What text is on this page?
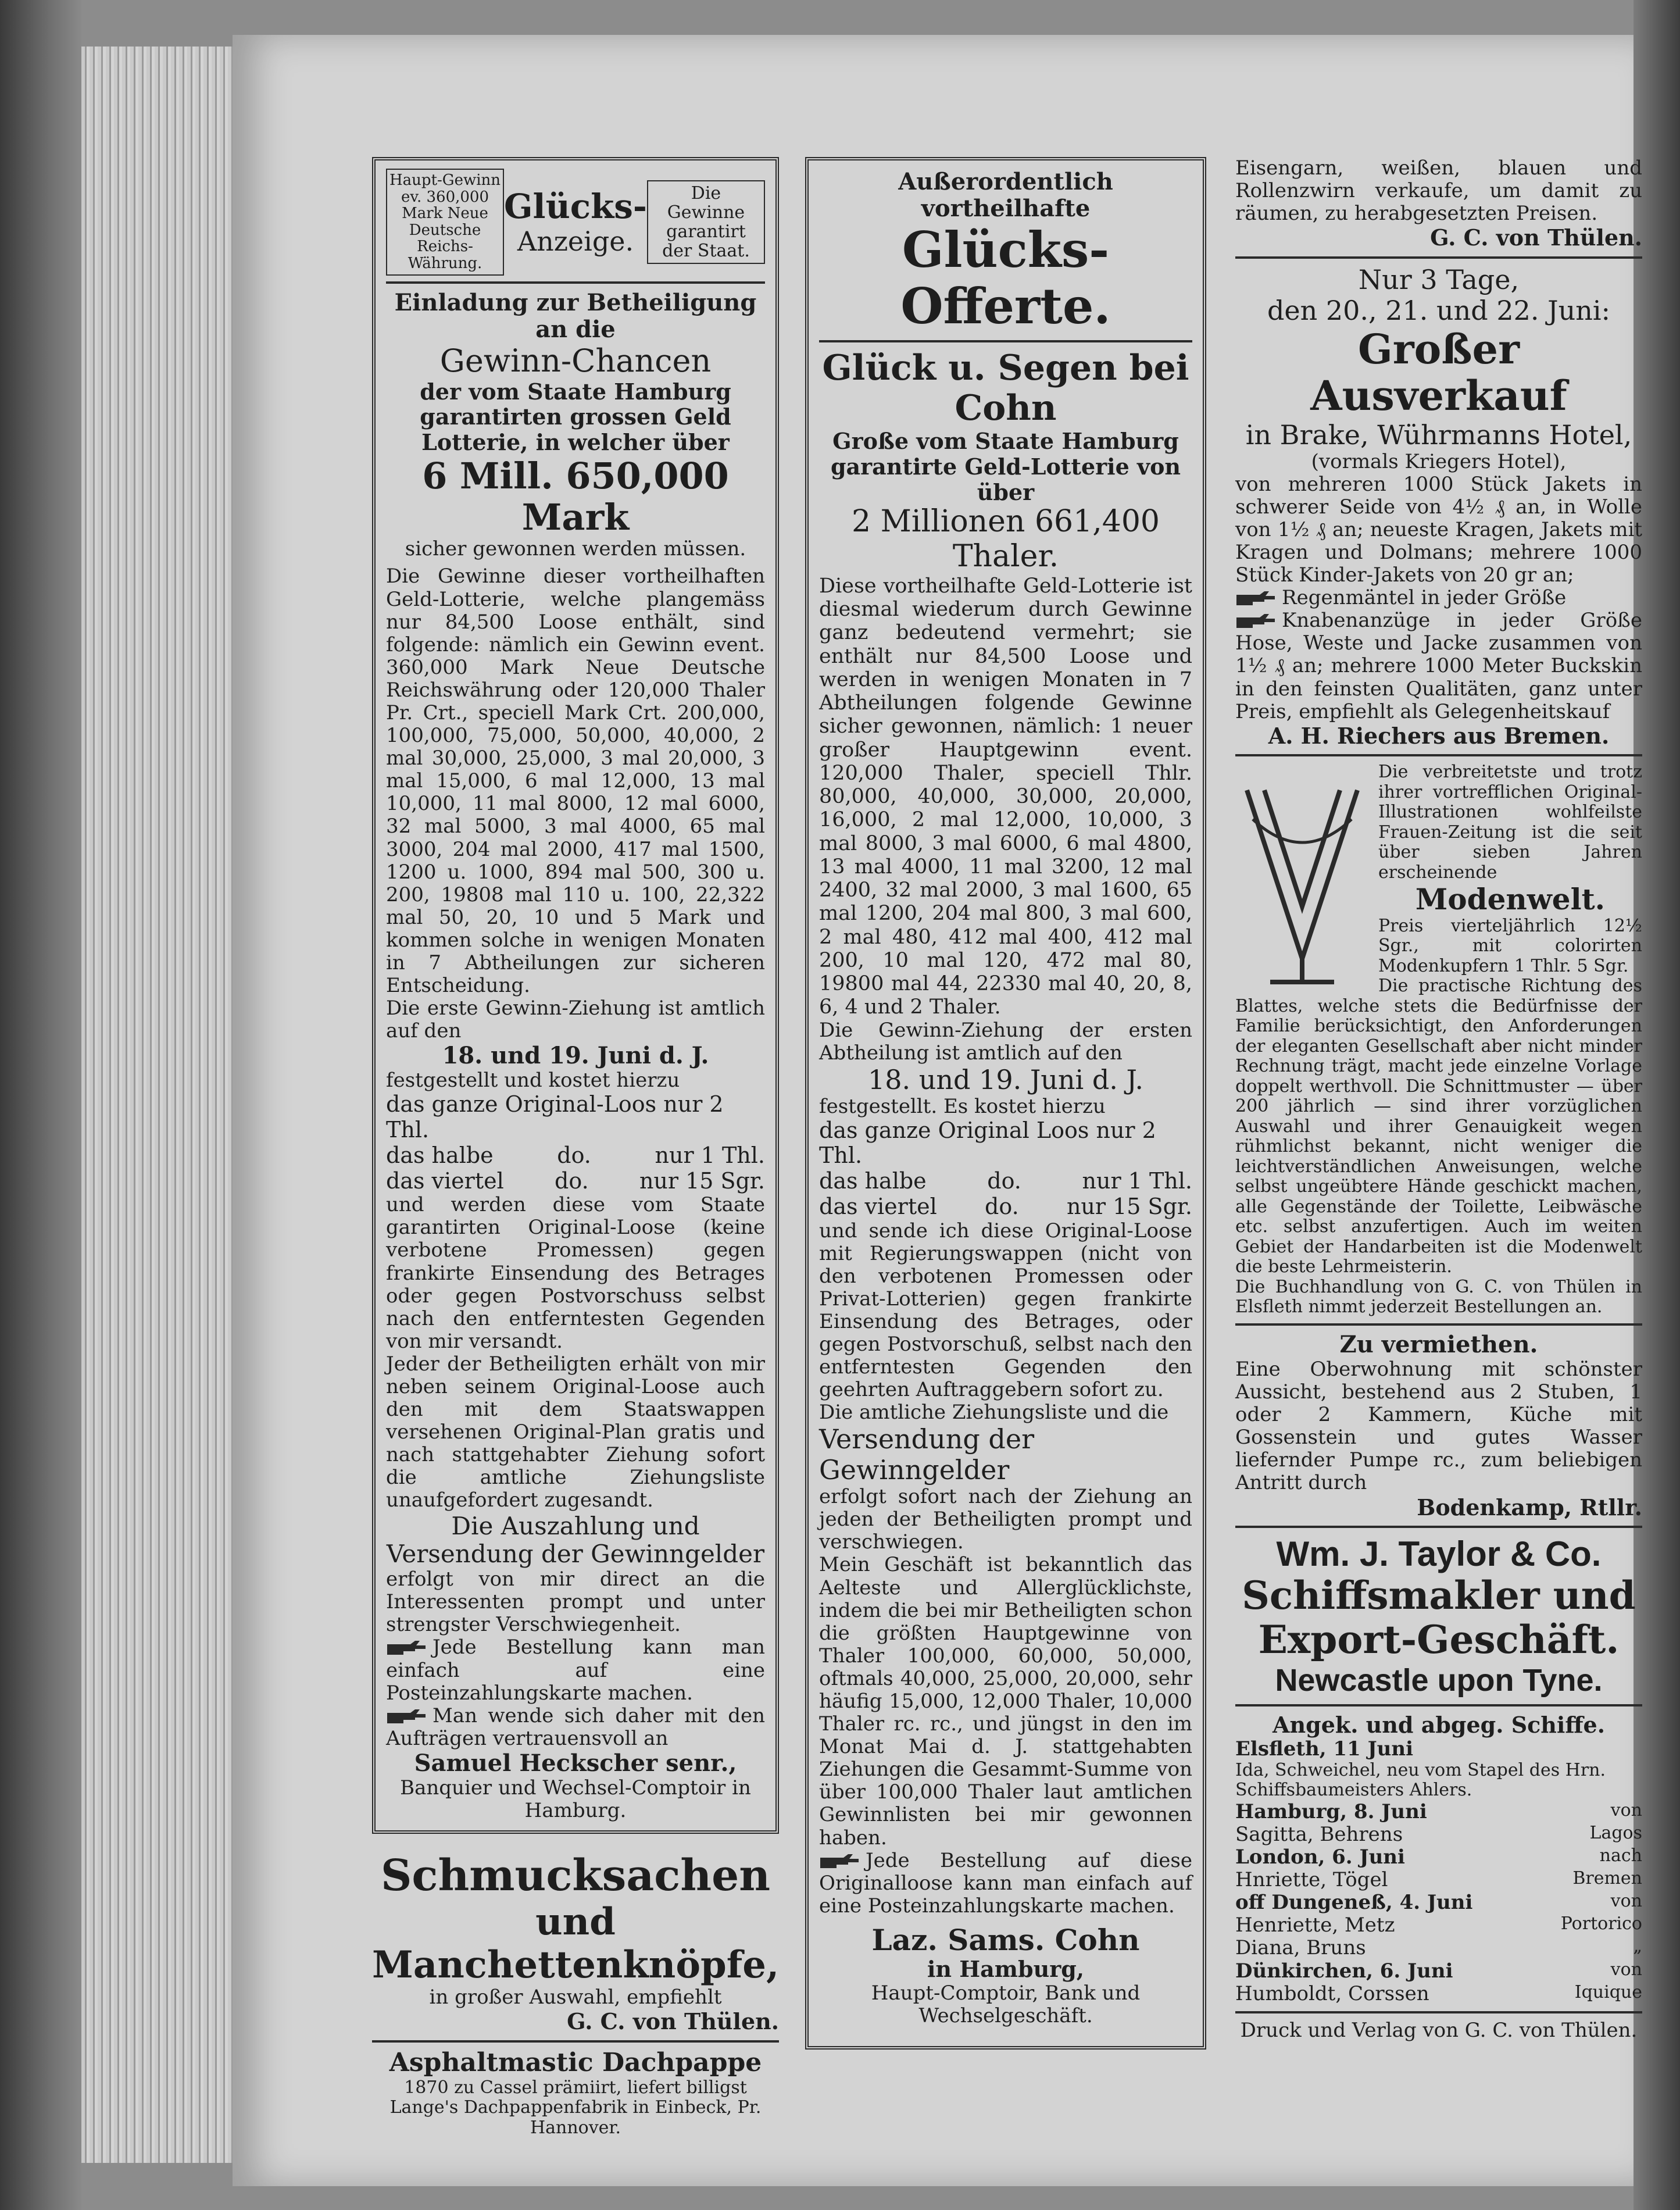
Haupt-Gewinn ev. 360,000 Mark Neue Deutsche Reichs-Währung.
Glücks-
Anzeige.
Die Gewinne garantirt der Staat.
Einladung zur Betheiligung an die
Gewinn-Chancen
der vom Staate Hamburg garantirten grossen Geld Lotterie, in welcher über
6 Mill. 650,000 Mark
sicher gewonnen werden müssen.
Die Gewinne dieser vortheilhaften Geld-Lotterie, welche plangemäss nur 84,500 Loose enthält, sind folgende: nämlich ein Gewinn event. 360,000 Mark Neue Deutsche Reichswährung oder 120,000 Thaler Pr. Crt., speciell Mark Crt. 200,000, 100,000, 75,000, 50,000, 40,000, 2 mal 30,000, 25,000, 3 mal 20,000, 3 mal 15,000, 6 mal 12,000, 13 mal 10,000, 11 mal 8000, 12 mal 6000, 32 mal 5000, 3 mal 4000, 65 mal 3000, 204 mal 2000, 417 mal 1500, 1200 u. 1000, 894 mal 500, 300 u. 200, 19808 mal 110 u. 100, 22,322 mal 50, 20, 10 und 5 Mark und kommen solche in wenigen Monaten in 7 Abtheilungen zur sicheren Entscheidung.
Die erste Gewinn-Ziehung ist amtlich auf den
18. und 19. Juni d. J.
festgestellt und kostet hierzu
das ganze Original-Loos nur 2 Thl.
das halbe	do.	nur 1 Thl.
das viertel do. nur 15 Sgr.
und werden diese vom Staate garantirten Original-Loose (keine verbotene Promessen) gegen frankirte Einsendung des Betrages oder gegen Postvorschuss selbst nach den entferntesten Gegenden von mir versandt.
Jeder der Betheiligten erhält von mir neben seinem Original-Loose auch den mit dem Staatswappen versehenen Original-Plan gratis und nach stattgehabter Ziehung sofort die amtliche Ziehungsliste unaufgefordert zugesandt.
Die Auszahlung und Versendung der Gewinngelder
erfolgt von mir direct an die Interessenten prompt und unter strengster Verschwiegenheit.
Jede Bestellung kann man einfach auf eine Posteinzahlungskarte machen.
Man wende sich daher mit den Aufträgen vertrauensvoll an
Samuel Heckscher senr.,
Banquier und Wechsel-Comptoir in Hamburg.
Schmucksachen
und Manchettenknöpfe,
in großer Auswahl, empfiehlt
G. C. von Thülen.
Asphaltmastic Dachpappe
1870 zu Cassel prämiirt, liefert billigst Lange's Dachpappenfabrik in Einbeck, Pr. Hannover.
Außerordentlich vortheilhafte
Glücks-Offerte.
Glück u. Segen bei Cohn
Große vom Staate Hamburg garantirte Geld-Lotterie von über
2 Millionen 661,400 Thaler.
Diese vortheilhafte Geld-Lotterie ist diesmal wiederum durch Gewinne ganz bedeutend vermehrt; sie enthält nur 84,500 Loose und werden in wenigen Monaten in 7 Abtheilungen folgende Gewinne sicher gewonnen, nämlich: 1 neuer großer Hauptgewinn event. 120,000 Thaler, speciell Thlr. 80,000, 40,000, 30,000, 20,000, 16,000, 2 mal 12,000, 10,000, 3 mal 8000, 3 mal 6000, 6 mal 4800, 13 mal 4000, 11 mal 3200, 12 mal 2400, 32 mal 2000, 3 mal 1600, 65 mal 1200, 204 mal 800, 3 mal 600, 2 mal 480, 412 mal 400, 412 mal 200, 10 mal 120, 472 mal 80, 19800 mal 44, 22330 mal 40, 20, 8, 6, 4 und 2 Thaler.
Die Gewinn-Ziehung der ersten Abtheilung ist amtlich auf den
18. und 19. Juni d. J.
festgestellt. Es kostet hierzu
das ganze Original Loos nur 2 Thl.
das halbe	do.	nur 1 Thl.
das viertel do. nur 15 Sgr.
und sende ich diese Original-Loose mit Regierungswappen (nicht von den verbotenen Promessen oder Privat-Lotterien) gegen frankirte Einsendung des Betrages, oder gegen Postvorschuß, selbst nach den entferntesten Gegenden den geehrten Auftraggebern sofort zu.
Die amtliche Ziehungsliste und die
Versendung der Gewinngelder
erfolgt sofort nach der Ziehung an jeden der Betheiligten prompt und verschwiegen.
Mein Geschäft ist bekanntlich das Aelteste und Allerglücklichste, indem die bei mir Betheiligten schon die größten Hauptgewinne von Thaler 100,000, 60,000, 50,000, oftmals 40,000, 25,000, 20,000, sehr häufig 15,000, 12,000 Thaler, 10,000 Thaler rc. rc., und jüngst in den im Monat Mai d. J. stattgehabten Ziehungen die Gesammt-Summe von über 100,000 Thaler laut amtlichen Gewinnlisten bei mir gewonnen haben.
Jede Bestellung auf diese Originalloose kann man einfach auf eine Posteinzahlungskarte machen.
Laz. Sams. Cohn
in Hamburg,
Haupt-Comptoir, Bank und Wechselgeschäft.
Eisengarn, weißen, blauen und Rollenzwirn verkaufe, um damit zu räumen, zu herabgesetzten Preisen.
G. C. von Thülen.
Nur 3 Tage,
den 20., 21. und 22. Juni:
Großer Ausverkauf
in Brake, Wührmanns Hotel,
(vormals Kriegers Hotel),
von mehreren 1000 Stück Jakets in schwerer Seide von 4½ ₰ an, in Wolle von 1½ ₰ an; neueste Kragen, Jakets mit Kragen und Dolmans; mehrere 1000 Stück Kinder-Jakets von 20 gr an;
Regenmäntel in jeder Größe
Knabenanzüge in jeder Größe Hose, Weste und Jacke zusammen von 1½ ₰ an; mehrere 1000 Meter Buckskin in den feinsten Qualitäten, ganz unter Preis, empfiehlt als Gelegenheitskauf
A. H. Riechers aus Bremen.
Die verbreitetste und trotz ihrer vortrefflichen Original-Illustrationen wohlfeilste Frauen-Zeitung ist die seit über sieben Jahren erscheinende
Modenwelt.
Preis vierteljährlich 12½ Sgr., mit colorirten Modenkupfern 1 Thlr. 5 Sgr.
Die practische Richtung des Blattes, welche stets die Bedürfnisse der Familie berücksichtigt, den Anforderungen der eleganten Gesellschaft aber nicht minder Rechnung trägt, macht jede einzelne Vorlage doppelt werthvoll. Die Schnittmuster — über 200 jährlich — sind ihrer vorzüglichen Auswahl und ihrer Genauigkeit wegen rühmlichst bekannt, nicht weniger die leichtverständlichen Anweisungen, welche selbst ungeübtere Hände geschickt machen, alle Gegenstände der Toilette, Leibwäsche etc. selbst anzufertigen. Auch im weiten Gebiet der Handarbeiten ist die Modenwelt die beste Lehrmeisterin.
Die Buchhandlung von G. C. von Thülen in Elsfleth nimmt jederzeit Bestellungen an.
Zu vermiethen.
Eine Oberwohnung mit schönster Aussicht, bestehend aus 2 Stuben, 1 oder 2 Kammern, Küche mit Gossenstein und gutes Wasser liefernder Pumpe rc., zum beliebigen Antritt durch
Bodenkamp, Rtllr.
Wm. J. Taylor & Co.
Schiffsmakler und
Export-Geschäft.
Newcastle upon Tyne.
Angek. und abgeg. Schiffe.
Elsfleth, 11 Juni
Ida, Schweichel, neu vom Stapel des Hrn. Schiffsbaumeisters Ahlers.
Hamburg, 8. Juni	von
Sagitta, Behrens	Lagos
London, 6. Juni	nach
Hnriette, Tögel	Bremen
off Dungeneß, 4. Juni	von
Henriette, Metz	Portorico
Diana, Bruns	„
Dünkirchen, 6. Juni	von
Humboldt, Corssen	Iquique
Druck und Verlag von G. C. von Thülen.
